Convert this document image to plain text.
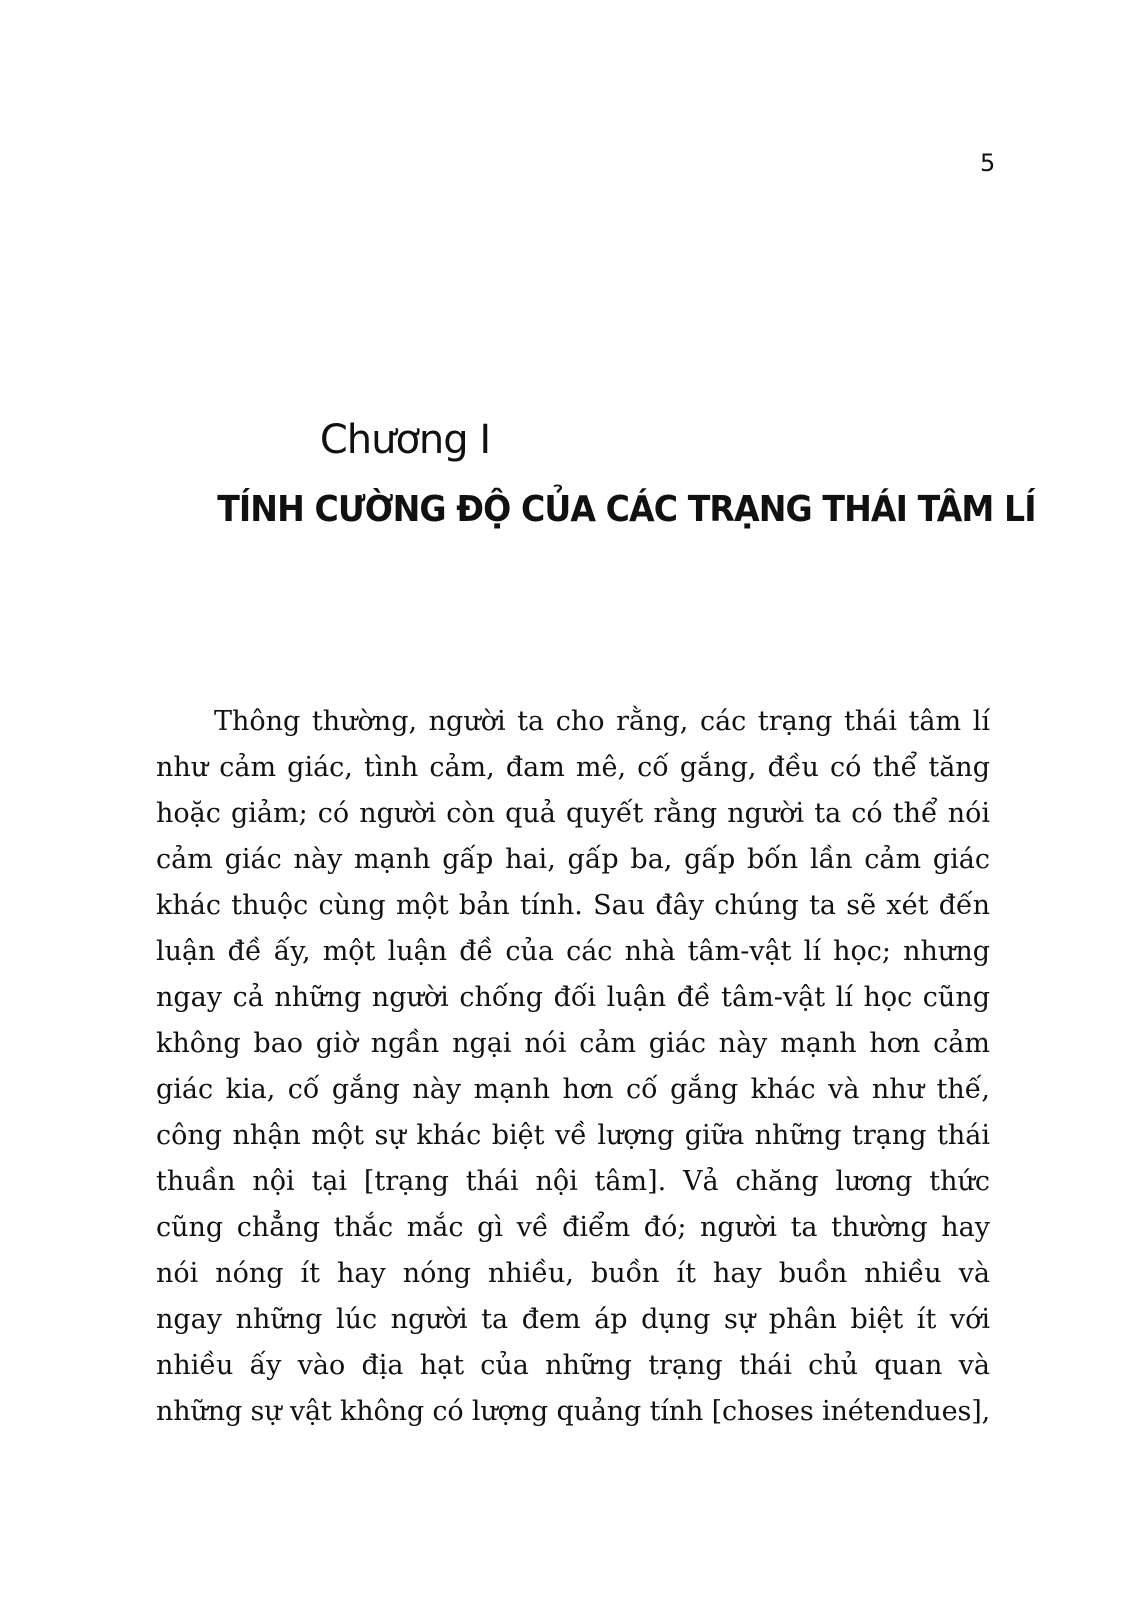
5
Chương I
TÍNH CƯỜNG ĐỘ CỦA CÁC TRẠNG THÁI TÂM LÍ
Thông thường, người ta cho rằng, các trạng thái tâm lí
như cảm giác, tình cảm, đam mê, cố gắng, đều có thể tăng
hoặc giảm; có người còn quả quyết rằng người ta có thể nói
cảm giác này mạnh gấp hai, gấp ba, gấp bốn lần cảm giác
khác thuộc cùng một bản tính. Sau đây chúng ta sẽ xét đến
luận đề ấy, một luận đề của các nhà tâm-vật lí học; nhưng
ngay cả những người chống đối luận đề tâm-vật lí học cũng
không bao giờ ngần ngại nói cảm giác này mạnh hơn cảm
giác kia, cố gắng này mạnh hơn cố gắng khác và như thế,
công nhận một sự khác biệt về lượng giữa những trạng thái
thuần nội tại [trạng thái nội tâm]. Vả chăng lương thức
cũng chẳng thắc mắc gì về điểm đó; người ta thường hay
nói nóng ít hay nóng nhiều, buồn ít hay buồn nhiều và
ngay những lúc người ta đem áp dụng sự phân biệt ít với
nhiều ấy vào địa hạt của những trạng thái chủ quan và
những sự vật không có lượng quảng tính [choses inétendues],
